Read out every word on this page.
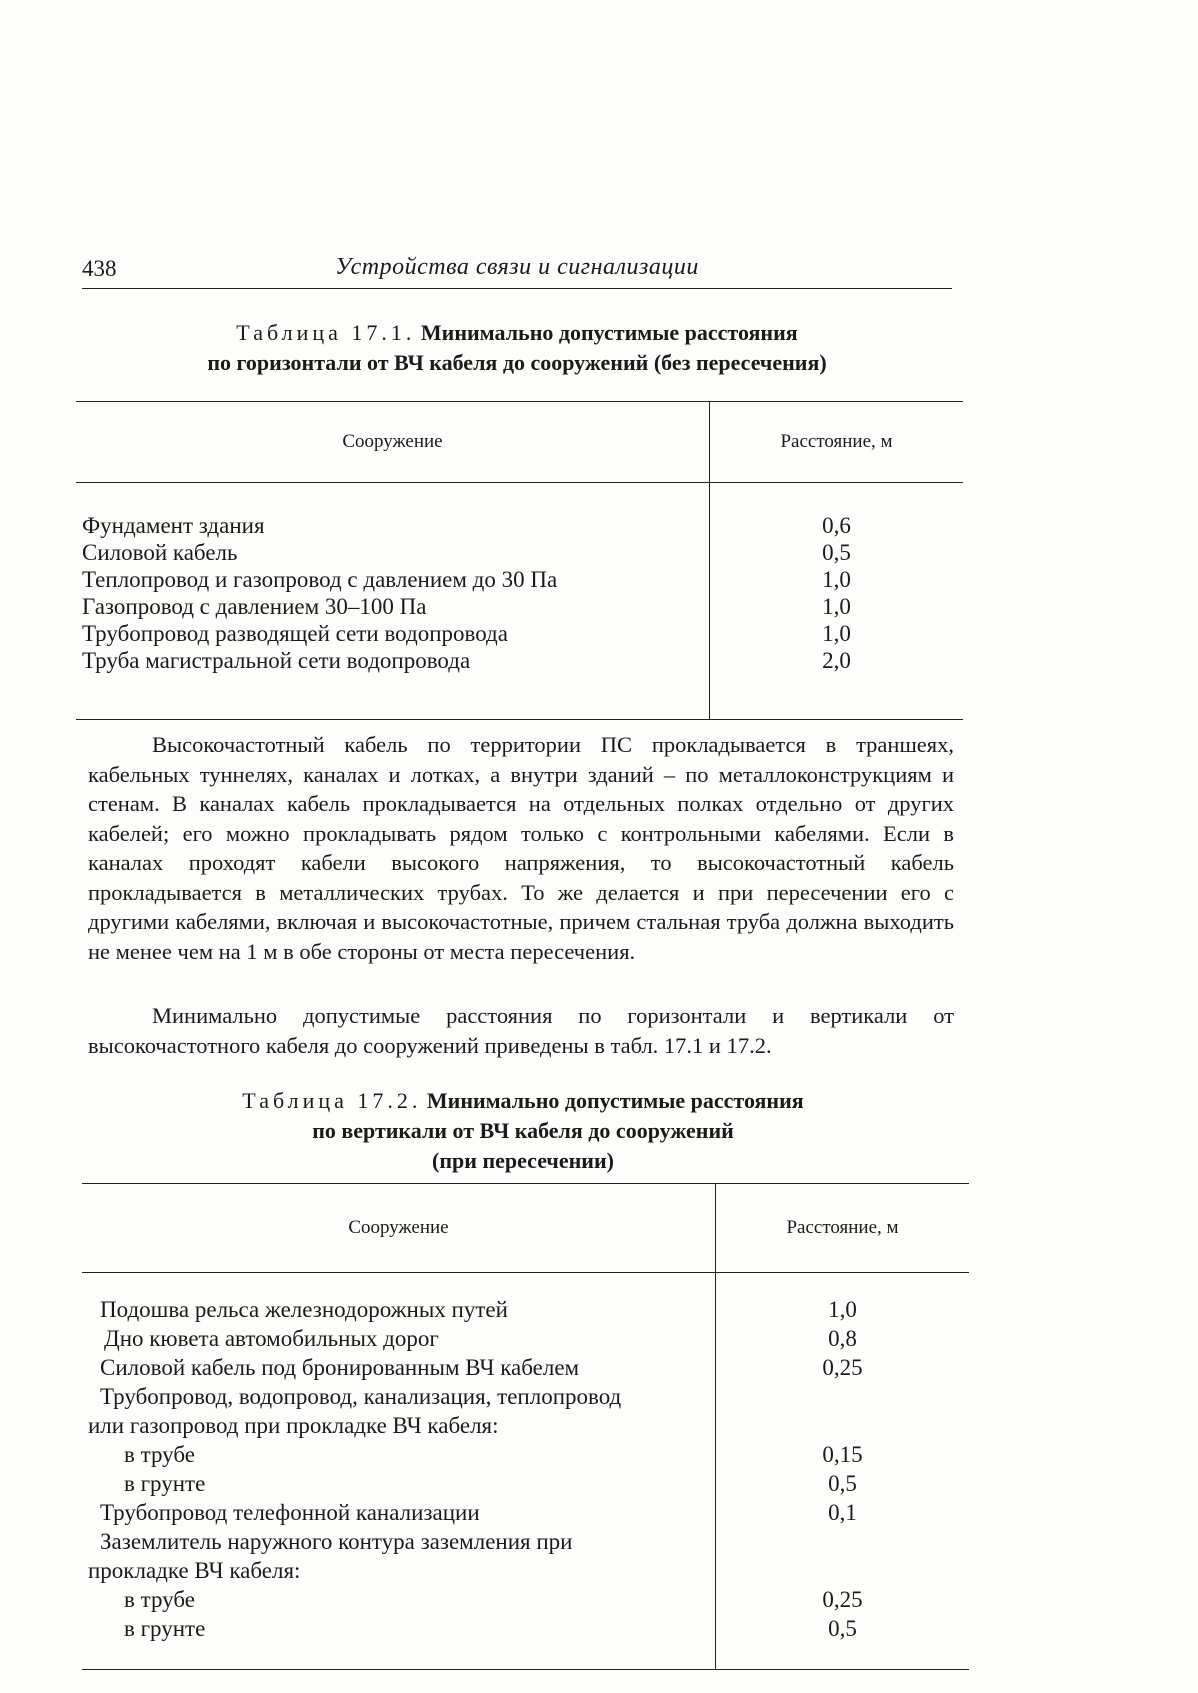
438	Устройства связи и сигнализации
Таблица 17.1. Минимально допустимые расстояния
по горизонтали от ВЧ кабеля до сооружений (без пересечения)
Сооружение	Расстояние, м
Фундамент здания	0,6
Силовой кабель	0,5
Теплопровод и газопровод с давлением до 30 Па	1,0
Газопровод с давлением 30–100 Па	1,0
Трубопровод разводящей сети водопровода	1,0
Труба магистральной сети водопровода	2,0

Высокочастотный кабель по территории ПС прокладывается в траншеях, кабельных туннелях, каналах и лотках, а внутри зданий – по металлоконструкциям и стенам. В каналах кабель прокладывается на отдельных полках отдельно от других кабелей; его можно прокладывать рядом только с контрольными кабелями. Если в каналах проходят кабели высокого напряжения, то высокочастотный кабель прокладывается в металлических трубах. То же делается и при пересечении его с другими кабелями, включая и высокочастотные, причем стальная труба должна выходить не менее чем на 1 м в обе стороны от места пересечения.

Минимально допустимые расстояния по горизонтали и вертикали от высокочастотного кабеля до сооружений приведены в табл. 17.1 и 17.2.

Таблица 17.2. Минимально допустимые расстояния
по вертикали от ВЧ кабеля до сооружений
(при пересечении)
Сооружение	Расстояние, м
Подошва рельса железнодорожных путей	1,0
Дно кювета автомобильных дорог	0,8
Силовой кабель под бронированным ВЧ кабелем	0,25
Трубопровод, водопровод, канализация, теплопровод
или газопровод при прокладке ВЧ кабеля:
в трубе	0,15
в грунте	0,5
Трубопровод телефонной канализации	0,1
Заземлитель наружного контура заземления при
прокладке ВЧ кабеля:
в трубе	0,25
в грунте	0,5
